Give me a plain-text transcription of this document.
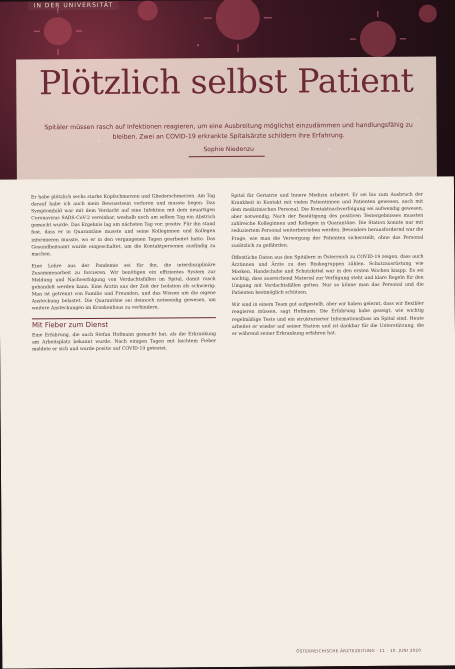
IN DER UNIVERSITÄT
Plötzlich selbst Patient

Spitäler müssen rasch auf Infektionen reagieren, um eine Ausbreitung möglichst einzudämmen und handlungsfähig zu bleiben. Zwei an COVID-19 erkrankte Spitalsärzte schildern ihre Erfahrung.

Sophie Niedenzu

Er habe plötzlich sechs starke Kopfschmerzen und Gliederschmerzen. Am Tag darauf habe ich auch mein Bewusstsein verloren und musste liegen. Das Symptombild war mit dem Verdacht auf eine Infektion mit dem neuartigen Coronavirus SARS-CoV-2 vereinbar, weshalb noch am selben Tag ein Abstrich gemacht wurde. Das Ergebnis lag am nächsten Tag vor: positiv. Für ihn stand fest, dass er in Quarantäne musste und seine Kolleginnen und Kollegen informieren musste, wo er in den vergangenen Tagen gearbeitet hatte. Das Gesundheitsamt wurde eingeschaltet, um die Kontaktpersonen ausfindig zu machen.

Eine Lehre aus der Pandemie sei für ihn, die interdisziplinäre Zusammenarbeit zu forcieren. Wir benötigen ein effizientes System zur Meldung und Nachverfolgung von Verdachtsfällen im Spital, damit rasch gehandelt werden kann. Eine Ärztin aus der Zeit der Isolation als schwierig: Man ist getrennt von Familie und Freunden, und das Wissen um die eigene Ansteckung belastet. Die Quarantäne sei dennoch notwendig gewesen, um weitere Ansteckungen im Krankenhaus zu verhindern.

Mit Fieber zum Dienst

Eine Erfahrung, die auch Stefan Hofmann gemacht hat, als die Erkrankung am Arbeitsplatz bekannt wurde. Nach einigen Tagen mit leichtem Fieber meldete er sich und wurde positiv auf COVID-19 getestet.

Spital für Geriatrie und Innere Medizin arbeitet. Er sei bis zum Ausbruch der Krankheit in Kontakt mit vielen Patientinnen und Patienten gewesen, auch mit dem medizinischen Personal. Die Kontaktnachverfolgung sei aufwendig gewesen, aber notwendig. Nach der Bestätigung des positiven Testergebnisses mussten zahlreiche Kolleginnen und Kollegen in Quarantäne. Die Station konnte nur mit reduziertem Personal weiterbetrieben werden. Besonders herausfordernd war die Frage, wie man die Versorgung der Patienten sicherstellt, ohne das Personal zusätzlich zu gefährden.

Öffentliche Daten aus den Spitälern in Österreich zu COVID-19 zeigen, dass auch Ärztinnen und Ärzte zu den Risikogruppen zählen. Schutzausrüstung wie Masken, Handschuhe und Schutzkittel war in den ersten Wochen knapp. Es sei wichtig, dass ausreichend Material zur Verfügung steht und klare Regeln für den Umgang mit Verdachtsfällen gelten. Nur so könne man das Personal und die Patienten bestmöglich schützen.

Wir sind in einem Team gut aufgestellt, aber wir haben gelernt, dass wir flexibler reagieren müssen, sagt Hofmann. Die Erfahrung habe gezeigt, wie wichtig regelmäßige Tests und ein strukturierter Informationsfluss im Spital sind. Heute arbeitet er wieder auf seiner Station und ist dankbar für die Unterstützung, die er während seiner Erkrankung erfahren hat.

ÖSTERREICHISCHE ÄRZTEZEITUNG · 11 · 10. JUNI 2020
